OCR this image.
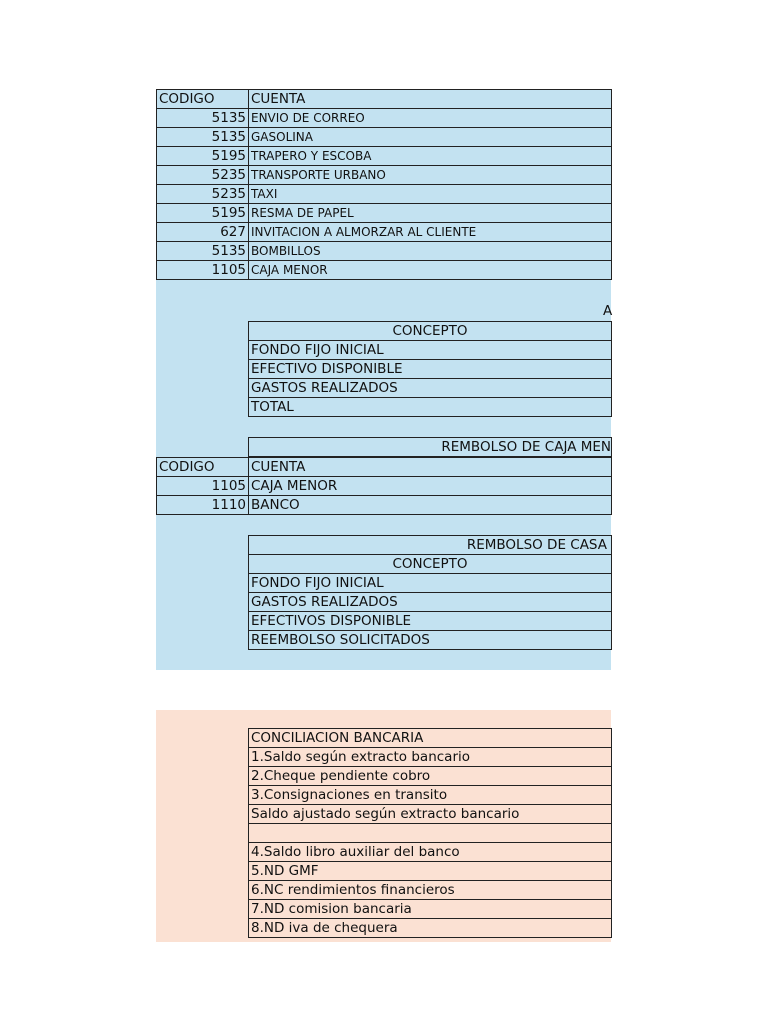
CODIGO	CUENTA
5135	ENVIO DE CORREO
5135	GASOLINA
5195	TRAPERO Y ESCOBA
5235	TRANSPORTE URBANO
5235	TAXI
5195	RESMA DE PAPEL
627	INVITACION A ALMORZAR AL CLIENTE
5135	BOMBILLOS
1105	CAJA MENOR
A
CONCEPTO
FONDO FIJO INICIAL
EFECTIVO DISPONIBLE
GASTOS REALIZADOS
TOTAL
REMBOLSO DE CAJA MEN
CODIGO	CUENTA
1105	CAJA MENOR
1110	BANCO
REMBOLSO DE CASA
CONCEPTO
FONDO FIJO INICIAL
GASTOS REALIZADOS
EFECTIVOS DISPONIBLE
REEMBOLSO SOLICITADOS
CONCILIACION BANCARIA
1.Saldo según extracto bancario
2.Cheque pendiente cobro
3.Consignaciones en transito
Saldo ajustado según extracto bancario

4.Saldo libro auxiliar del banco
5.ND GMF
6.NC rendimientos financieros
7.ND comision bancaria
8.ND iva de chequera
